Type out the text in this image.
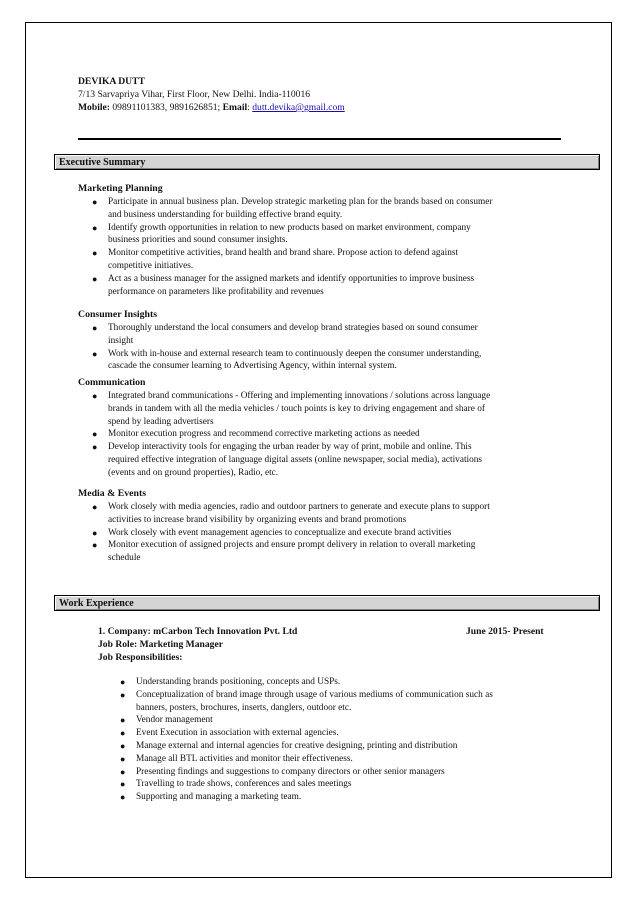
DEVIKA DUTT
7/13 Sarvapriya Vihar, First Floor, New Delhi. India-110016
Mobile: 09891101383, 9891626851; Email: dutt.devika@gmail.com
Executive Summary
Marketing Planning
● Participate in annual business plan. Develop strategic marketing plan for the brands based on consumer
and business understanding for building effective brand equity.
● Identify growth opportunities in relation to new products based on market environment, company
business priorities and sound consumer insights.
● Monitor competitive activities, brand health and brand share. Propose action to defend against
competitive initiatives.
● Act as a business manager for the assigned markets and identify opportunities to improve business
performance on parameters like profitability and revenues
Consumer Insights
● Thoroughly understand the local consumers and develop brand strategies based on sound consumer
insight
● Work with in-house and external research team to continuously deepen the consumer understanding,
cascade the consumer learning to Advertising Agency, within internal system.
Communication
● Integrated brand communications - Offering and implementing innovations / solutions across language
brands in tandem with all the media vehicles / touch points is key to driving engagement and share of
spend by leading advertisers
● Monitor execution progress and recommend corrective marketing actions as needed
● Develop interactivity tools for engaging the urban reader by way of print, mobile and online. This
required effective integration of language digital assets (online newspaper, social media), activations
(events and on ground properties), Radio, etc.
Media & Events
● Work closely with media agencies, radio and outdoor partners to generate and execute plans to support
activities to increase brand visibility by organizing events and brand promotions
● Work closely with event management agencies to conceptualize and execute brand activities
● Monitor execution of assigned projects and ensure prompt delivery in relation to overall marketing
schedule
Work Experience
1. Company: mCarbon Tech Innovation Pvt. Ltd	June 2015- Present
Job Role: Marketing Manager
Job Responsibilities:
● Understanding brands positioning, concepts and USPs.
● Conceptualization of brand image through usage of various mediums of communication such as
banners, posters, brochures, inserts, danglers, outdoor etc.
● Vendor management
● Event Execution in association with external agencies.
● Manage external and internal agencies for creative designing, printing and distribution
● Manage all BTL activities and monitor their effectiveness.
● Presenting findings and suggestions to company directors or other senior managers
● Travelling to trade shows, conferences and sales meetings
● Supporting and managing a marketing team.
